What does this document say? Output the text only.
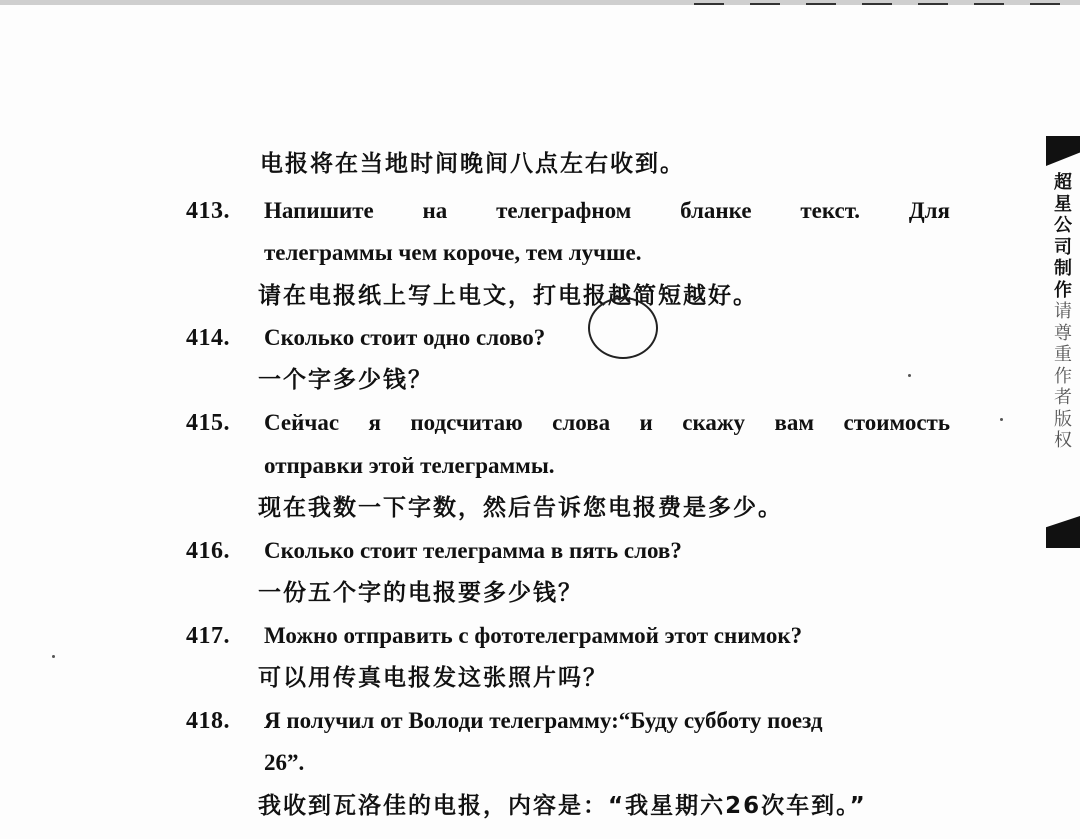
电报将在当地时间晚间八点左右收到。
413. Напишите на телеграфном бланке текст. Для
телеграммы чем короче, тем лучше.
请在电报纸上写上电文，打电报越简短越好。
414. Сколько стоит одно слово?
一个字多少钱？
415. Сейчас я подсчитаю слова и скажу вам стоимость
отправки этой телеграммы.
现在我数一下字数，然后告诉您电报费是多少。
416. Сколько стоит телеграмма в пять слов?
一份五个字的电报要多少钱？
417. Можно отправить с фототелеграммой этот снимок?
可以用传真电报发这张照片吗？
418. Я получил от Володи телеграмму:“Буду субботу поезд
26”.
我收到瓦洛佳的电报，内容是：“我星期六26次车到。”
超星公司制作请尊重作者版权
